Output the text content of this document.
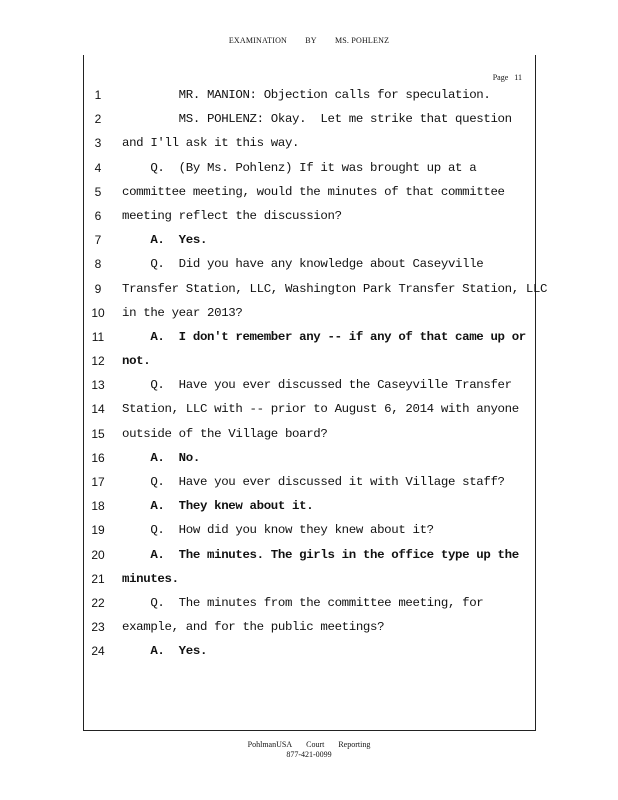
EXAMINATION BY MS. POHLENZ
Page 11
1
2
3
4
5
6
7
8
9
10
11
12
13
14
15
16
17
18
19
20
21
22
23
24
MR. MANION: Objection calls for speculation.
MS. POHLENZ: Okay.  Let me strike that question
and I'll ask it this way.
Q.  (By Ms. Pohlenz) If it was brought up at a
committee meeting, would the minutes of that committee
meeting reflect the discussion?
A.  Yes.
Q.  Did you have any knowledge about Caseyville
Transfer Station, LLC, Washington Park Transfer Station, LLC
in the year 2013?
A.  I don't remember any -- if any of that came up or
not.
Q.  Have you ever discussed the Caseyville Transfer
Station, LLC with -- prior to August 6, 2014 with anyone
outside of the Village board?
A.  No.
Q.  Have you ever discussed it with Village staff?
A.  They knew about it.
Q.  How did you know they knew about it?
A.  The minutes. The girls in the office type up the
minutes.
Q.  The minutes from the committee meeting, for
example, and for the public meetings?
A.  Yes.
PohlmanUSA Court Reporting
877-421-0099
